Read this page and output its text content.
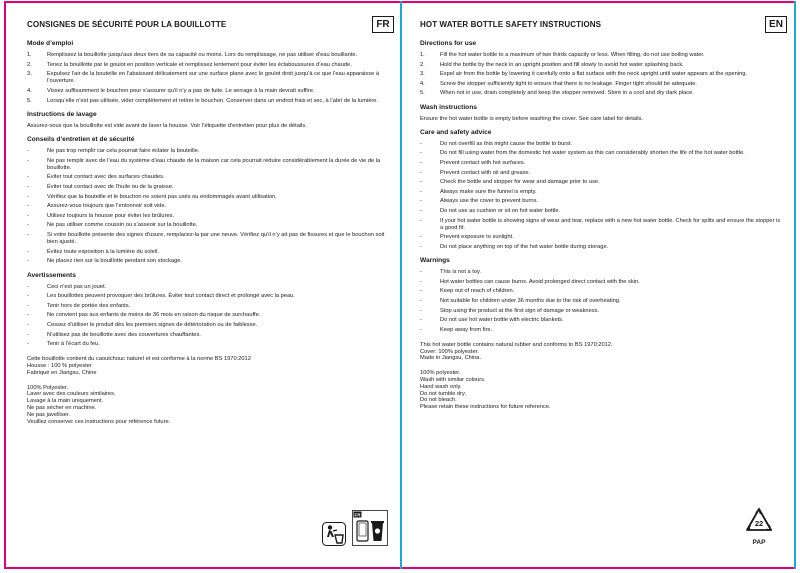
CONSIGNES DE SÉCURITÉ POUR LA BOUILLOTTE	FR
Mode d’emploi
1.	Remplissez la bouillotte jusqu’aux deux tiers de sa capacité ou moins. Lors du remplissage, ne pas utiliser d’eau bouillante.
2.	Tenez la bouillotte par le goulot en position verticale et remplissez lentement pour éviter les éclaboussures d’eau chaude.
3.	Expulsez l’air de la bouteille en l’abaissant délicatement sur une surface plane avec le goulot droit jusqu’à ce que l’eau apparaisse à l’ouverture.
4.	Vissez suffisamment le bouchon pour s’assurer qu’il n’y a pas de fuite. Le serrage à la main devrait suffire.
5.	Lorsqu’elle n’est pas utilisée, vider complètement et retirer le bouchon. Conserver dans un endroit frais et sec, à l’abri de la lumière.
Instructions de lavage
Assurez-vous que la bouillotte est vide avant de laver la housse. Voir l’étiquette d’entretien pour plus de détails.
Conseils d’entretien et de sécurité
-	Ne pas trop remplir car cela pourrait faire éclater la bouteille.
-	Ne pas remplir avec de l’eau du système d’eau chaude de la maison car cela pourrait réduire considérablement la durée de vie de la bouillotte.
-	Éviter tout contact avec des surfaces chaudes.
-	Éviter tout contact avec de l’huile ou de la graisse.
-	Vérifiez que la bouteille et le bouchon ne soient pas usés ou endommagés avant utilisation.
-	Assurez-vous toujours que l’entonnoir soit vide.
-	Utilisez toujours la housse pour éviter les brûlures.
-	Ne pas utiliser comme coussin ou s’asseoir sur la bouillotte.
-	Si votre bouillotte présente des signes d’usure, remplacez-la par une neuve. Vérifiez qu’il n’y ait pas de fissures et que le bouchon soit bien ajusté.
-	Évitez toute exposition à la lumière du soleil.
-	Ne placez rien sur la bouillotte pendant son stockage.
Avertissements
-	Ceci n’est pas un jouet.
-	Les bouillottes peuvent provoquer des brûlures. Éviter tout contact direct et prolongé avec la peau.
-	Tenir hors de portée des enfants.
-	Ne convient pas aux enfants de moins de 36 mois en raison du risque de surchauffe.
-	Cessez d’utiliser le produit dès les premiers signes de détérioration ou de faiblesse.
-	N’utilisez pas de bouillotte avec des couvertures chauffantes.
-	Tenir à l’écart du feu.
Cette bouillotte contient du caoutchouc naturel et est conforme à la norme BS 1970:2012
Housse : 100 % polyester
Fabriqué en Jiangsu, Chine
100% Polyester.
Laver avec des couleurs similaires.
Lavage à la main uniquement.
Ne pas sécher en machine.
Ne pas javelliser.
Veuillez conserver ces instructions pour référence future.
FR
HOT WATER BOTTLE SAFETY INSTRUCTIONS	EN
Directions for use
1.	Fill the hot water bottle to a maximum of two thirds capacity or less. When filling, do not use boiling water.
2.	Hold the bottle by the neck in an upright position and fill slowly to avoid hot water splashing back.
3.	Expel air from the bottle by lowering it carefully onto a flat surface with the neck upright until water appears at the opening.
4.	Screw the stopper sufficiently tight to ensure that there is no leakage. Finger tight should be adequate.
5.	When not in use, drain completely and keep the stopper removed. Store in a cool and dry dark place.
Wash instructions
Ensure the hot water bottle is empty before washing the cover. See care label for details.
Care and safety advice
-	Do not overfill as this might cause the bottle to burst.
-	Do not fill using water from the domestic hot water system as this can considerably shorten the life of the hot water bottle.
-	Prevent contact with hot surfaces.
-	Prevent contact with oil and grease.
-	Check the bottle and stopper for wear and damage prior to use.
-	Always make sure the funnel is empty.
-	Always use the cover to prevent burns.
-	Do not use as cushion or sit on hot water bottle.
-	If your hot water bottle is showing signs of wear and tear, replace with a new hot water bottle. Check for splits and ensure the stopper is a good fit.
-	Prevent exposure to sunlight.
-	Do not place anything on top of the hot water bottle during storage.
Warnings
-	This is not a toy.
-	Hot water bottles can cause burns. Avoid prolonged direct contact with the skin.
-	Keep out of reach of children.
-	Not suitable for children under 36 months due to the risk of overheating.
-	Stop using the product at the first sign of damage or weakness.
-	Do not use hot water bottle with electric blankets.
-	Keep away from fire.
This hot water bottle contains natural rubber and conforms to BS 1970:2012.
Cover: 100% polyester.
Made in Jiangsu, China.
100% polyester.
Wash with similar colours.
Hand wash only.
Do not tumble dry.
Do not bleach.
Please retain these instructions for future reference.
22
PAP
